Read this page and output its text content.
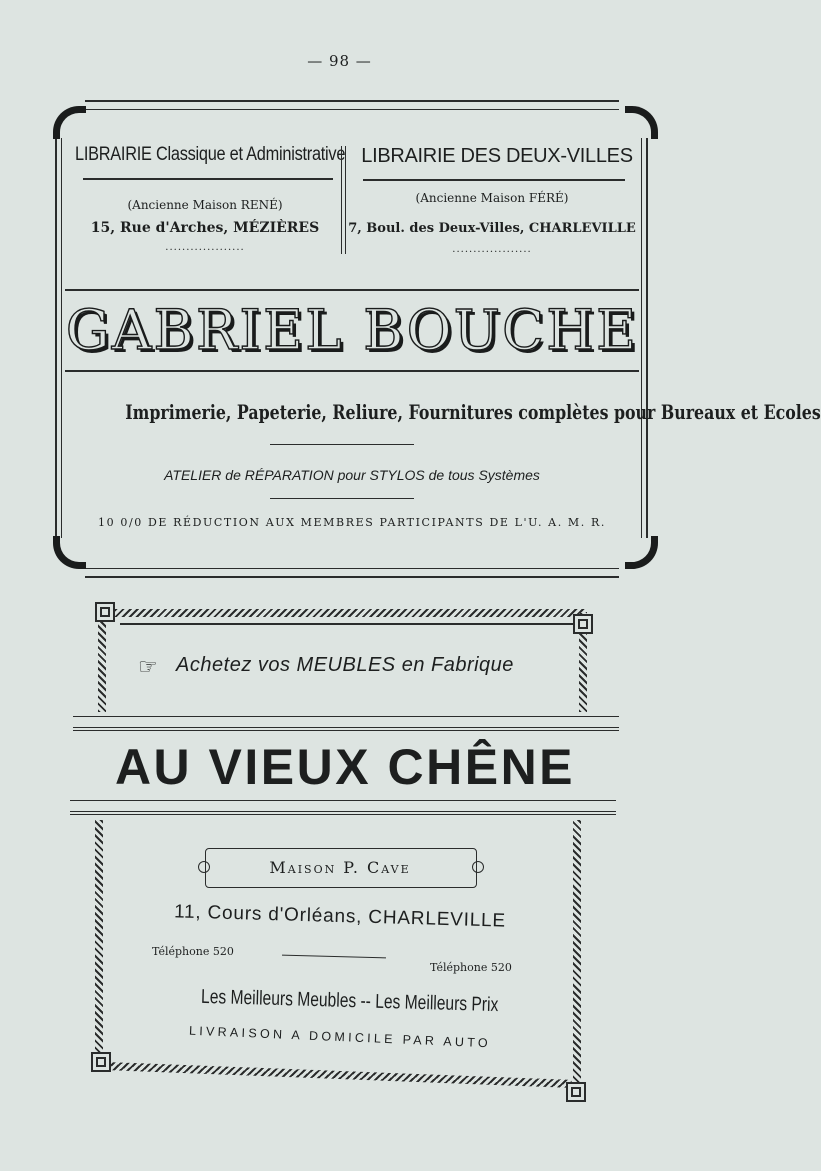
— 98 —
LIBRAIRIE Classique et Administrative
(Ancienne Maison RENÉ)
15, Rue d'Arches, MÉZIÈRES
...................
LIBRAIRIE DES DEUX-VILLES
(Ancienne Maison FÉRÉ)
7, Boul. des Deux-Villes, CHARLEVILLE
...................
GABRIEL BOUCHE
Imprimerie, Papeterie, Reliure, Fournitures complètes pour Bureaux et Ecoles
ATELIER de RÉPARATION pour STYLOS de tous Systèmes
10 0/0 DE RÉDUCTION AUX MEMBRES PARTICIPANTS DE L'U. A. M. R.
☞ Achetez vos MEUBLES en Fabrique
AU VIEUX CHÊNE
Maison P. Cave
11, Cours d'Orléans, CHARLEVILLE
Téléphone 520
Téléphone 520
Les Meilleurs Meubles -- Les Meilleurs Prix
LIVRAISON A DOMICILE PAR AUTO
